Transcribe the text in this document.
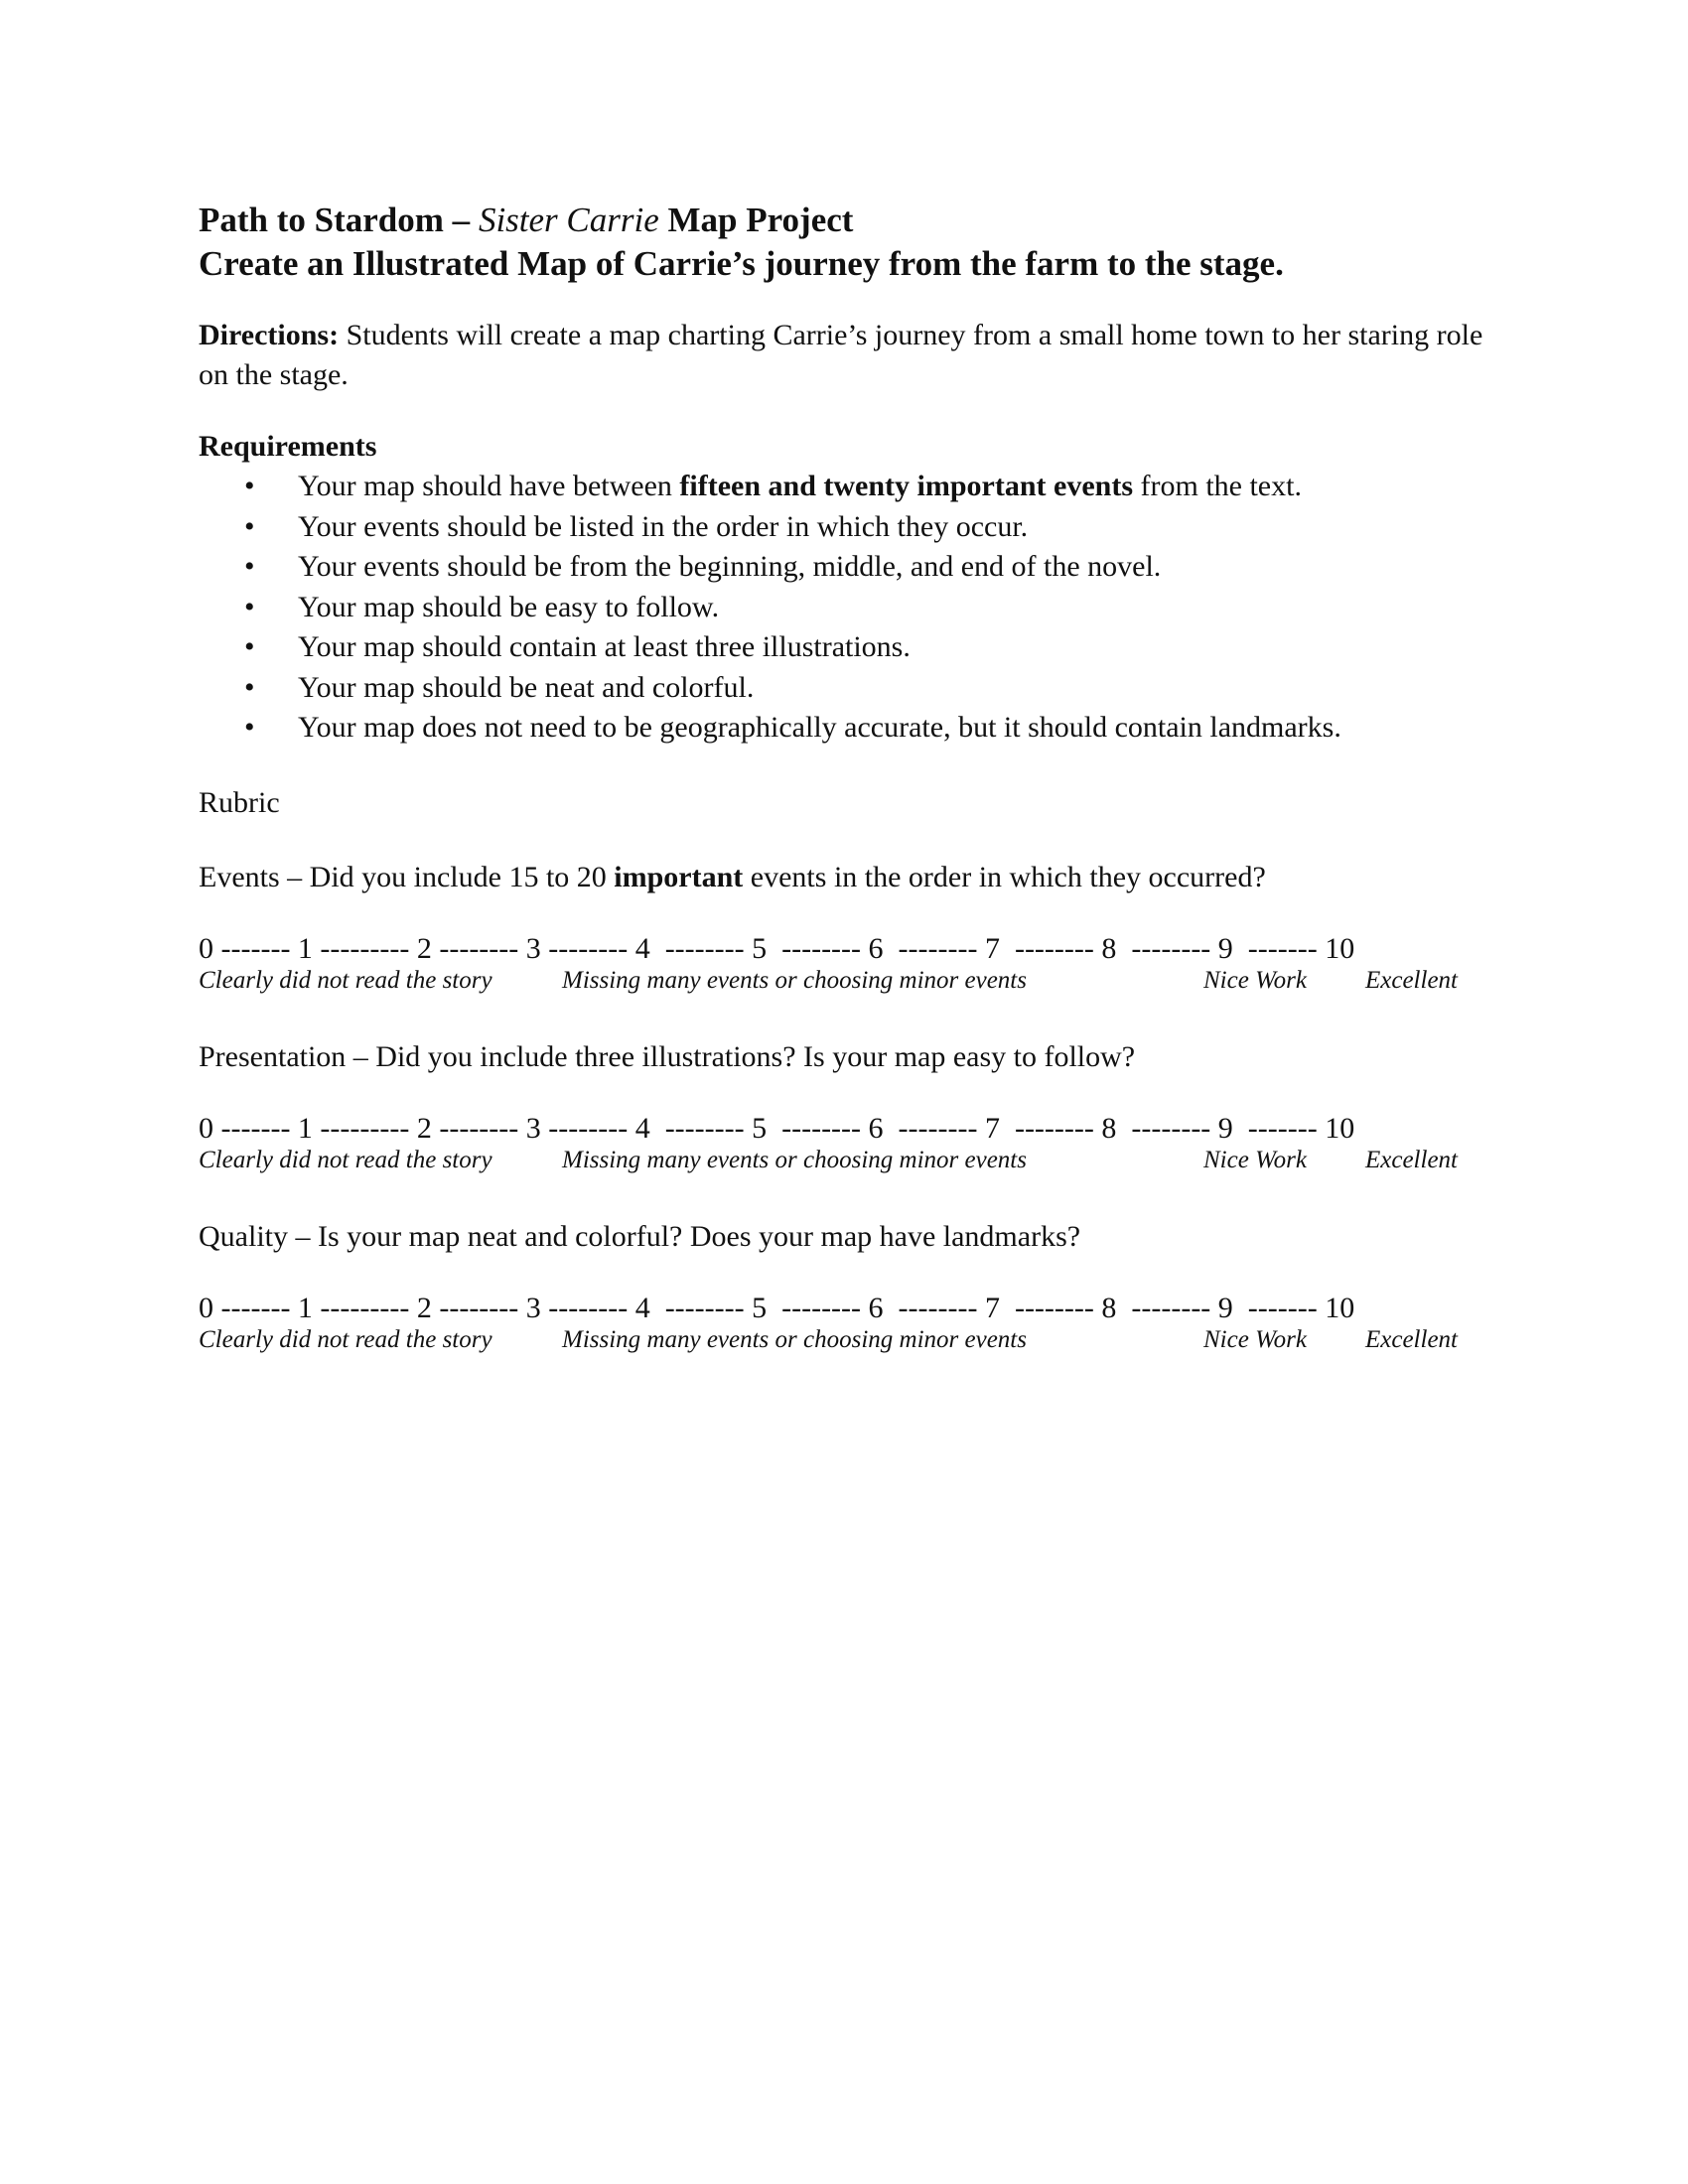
Path to Stardom – Sister Carrie Map Project
Create an Illustrated Map of Carrie’s journey from the farm to the stage.
Directions: Students will create a map charting Carrie’s journey from a small home town to her staring role on the stage.
Requirements
• Your map should have between fifteen and twenty important events from the text.
• Your events should be listed in the order in which they occur.
• Your events should be from the beginning, middle, and end of the novel.
• Your map should be easy to follow.
• Your map should contain at least three illustrations.
• Your map should be neat and colorful.
• Your map does not need to be geographically accurate, but it should contain landmarks.
Rubric
Events – Did you include 15 to 20 important events in the order in which they occurred?
0 ------- 1 --------- 2 -------- 3 -------- 4  -------- 5  -------- 6  -------- 7  -------- 8  -------- 9  ------- 10
Clearly did not read the story	Missing many events or choosing minor events	Nice Work Excellent
Presentation – Did you include three illustrations? Is your map easy to follow?
0 ------- 1 --------- 2 -------- 3 -------- 4  -------- 5  -------- 6  -------- 7  -------- 8  -------- 9  ------- 10
Clearly did not read the story	Missing many events or choosing minor events	Nice Work Excellent
Quality – Is your map neat and colorful? Does your map have landmarks?
0 ------- 1 --------- 2 -------- 3 -------- 4  -------- 5  -------- 6  -------- 7  -------- 8  -------- 9  ------- 10
Clearly did not read the story	Missing many events or choosing minor events	Nice Work Excellent
